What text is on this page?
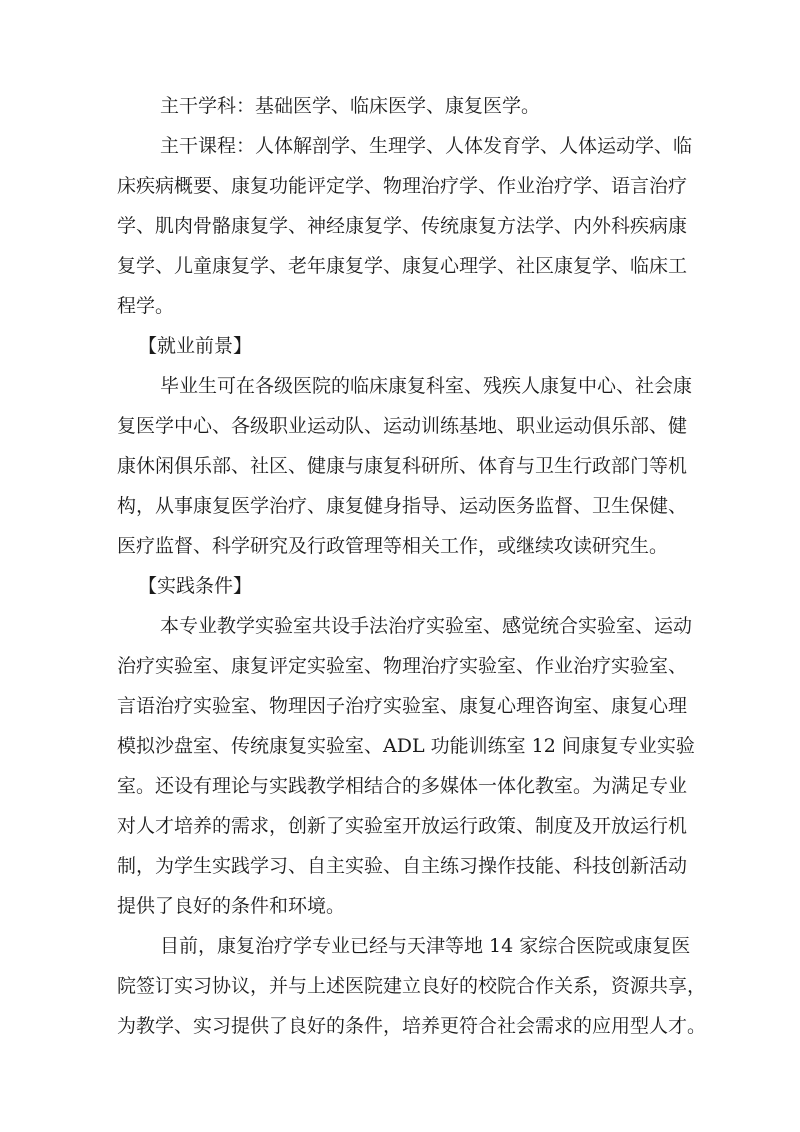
主干学科：基础医学、临床医学、康复医学。
主干课程：人体解剖学、生理学、人体发育学、人体运动学、临
床疾病概要、康复功能评定学、物理治疗学、作业治疗学、语言治疗
学、肌肉骨骼康复学、神经康复学、传统康复方法学、内外科疾病康
复学、儿童康复学、老年康复学、康复心理学、社区康复学、临床工
程学。
【就业前景】
毕业生可在各级医院的临床康复科室、残疾人康复中心、社会康
复医学中心、各级职业运动队、运动训练基地、职业运动俱乐部、健
康休闲俱乐部、社区、健康与康复科研所、体育与卫生行政部门等机
构，从事康复医学治疗、康复健身指导、运动医务监督、卫生保健、
医疗监督、科学研究及行政管理等相关工作，或继续攻读研究生。
【实践条件】
本专业教学实验室共设手法治疗实验室、感觉统合实验室、运动
治疗实验室、康复评定实验室、物理治疗实验室、作业治疗实验室、
言语治疗实验室、物理因子治疗实验室、康复心理咨询室、康复心理
模拟沙盘室、传统康复实验室、ADL 功能训练室 12 间康复专业实验
室。还设有理论与实践教学相结合的多媒体一体化教室。为满足专业
对人才培养的需求，创新了实验室开放运行政策、制度及开放运行机
制，为学生实践学习、自主实验、自主练习操作技能、科技创新活动
提供了良好的条件和环境。
目前，康复治疗学专业已经与天津等地 14 家综合医院或康复医
院签订实习协议，并与上述医院建立良好的校院合作关系，资源共享，
为教学、实习提供了良好的条件，培养更符合社会需求的应用型人才。
